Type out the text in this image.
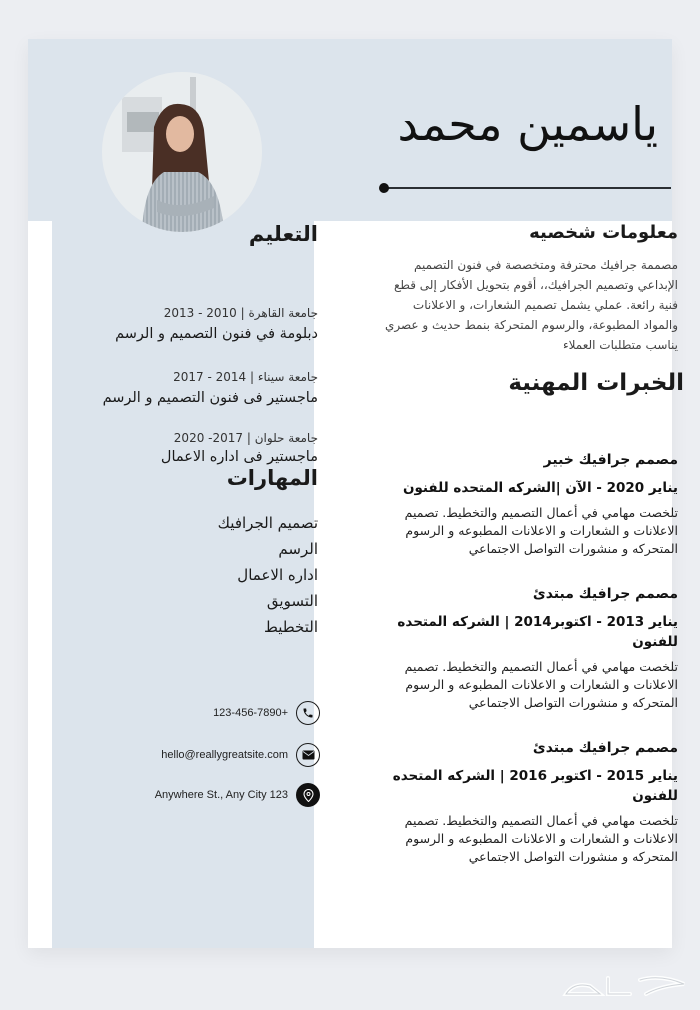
ياسمين محمد
التعليم
جامعة القاهرة | 2010 - 2013
دبلومة في فنون التصميم و الرسم
جامعة سيناء | 2014 - 2017
ماجستير فى فنون التصميم و الرسم
جامعة حلوان | 2017- 2020
ماجستير فى اداره الاعمال
المهارات
تصميم الجرافيك
الرسم
اداره الاعمال
التسويق
التخطيط
123-456-7890+
hello@reallygreatsite.com
Anywhere St., Any City 123
معلومات شخصيه
مصممة جرافيك محترفة ومتخصصة في فنون التصميم الإبداعي وتصميم الجرافيك،، أقوم بتحويل الأفكار إلى قطع فنية رائعة. عملي يشمل تصميم الشعارات، و الاعلانات والمواد المطبوعة، والرسوم المتحركة بنمط حديث و عصري يناسب متطلبات العملاء
الخبرات المهنية
مصمم جرافيك خبير
يناير 2020 - الآن |الشركه المتحده للفنون
تلخصت مهامي في أعمال التصميم والتخطيط. تصميم الاعلانات و الشعارات و الاعلانات المطبوعه و الرسوم المتحركه و منشورات التواصل الاجتماعي
مصمم جرافيك مبتدئ
يناير 2013 - اكتوبر2014 | الشركه المتحده للفنون
تلخصت مهامي في أعمال التصميم والتخطيط. تصميم الاعلانات و الشعارات و الاعلانات المطبوعه و الرسوم المتحركه و منشورات التواصل الاجتماعي
مصمم جرافيك مبتدئ
يناير 2015 - اكتوبر 2016 | الشركه المتحده للفنون
تلخصت مهامي في أعمال التصميم والتخطيط. تصميم الاعلانات و الشعارات و الاعلانات المطبوعه و الرسوم المتحركه و منشورات التواصل الاجتماعي
